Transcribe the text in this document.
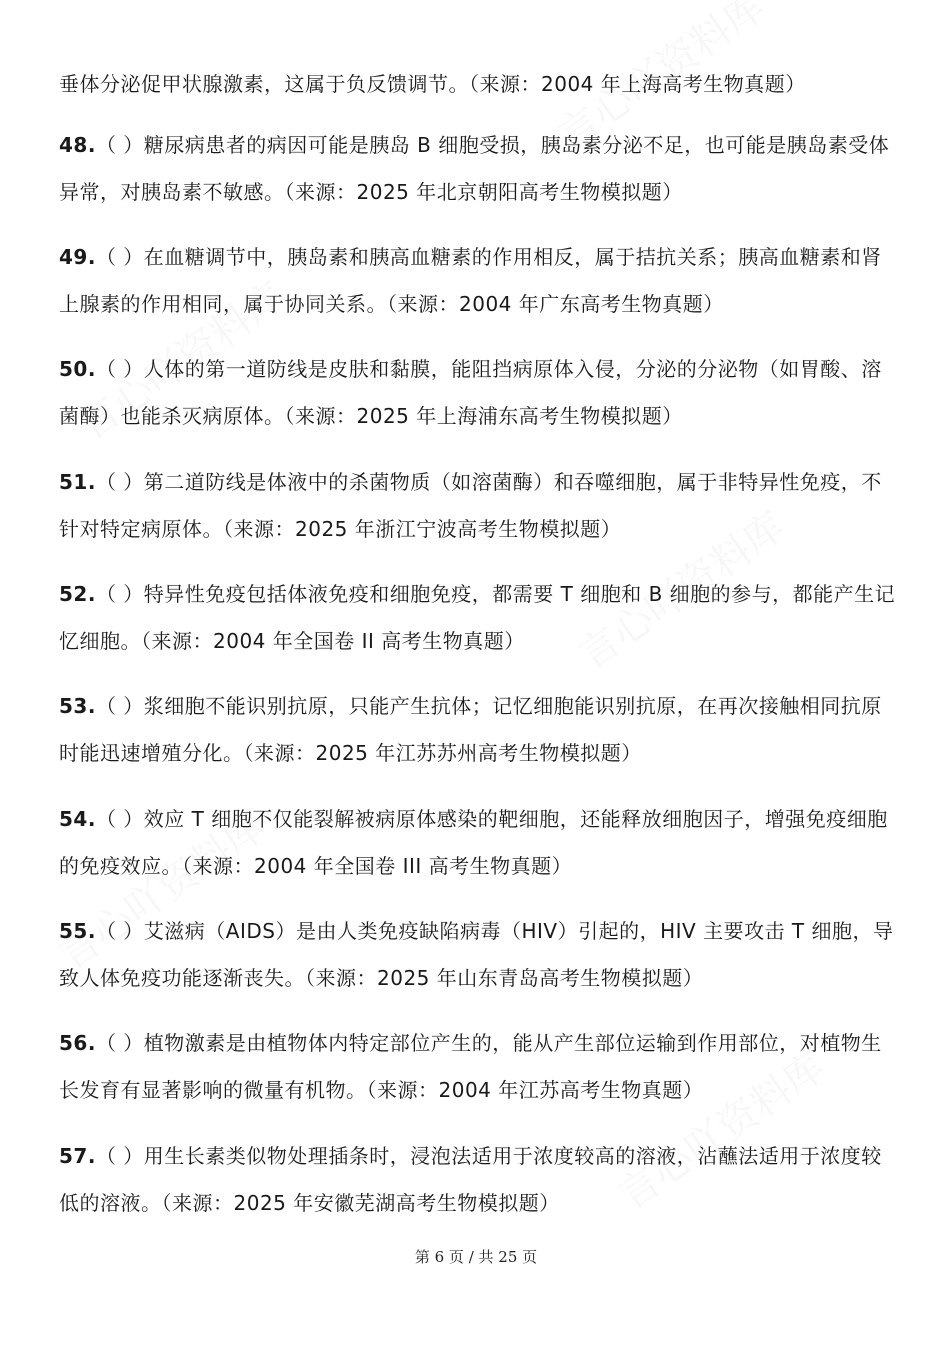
垂体分泌促甲状腺激素，这属于负反馈调节。（来源：2004 年上海高考生物真题）
48.（ ）糖尿病患者的病因可能是胰岛 B 细胞受损，胰岛素分泌不足，也可能是胰岛素受体异常，对胰岛素不敏感。（来源：2025 年北京朝阳高考生物模拟题）
49.（ ）在血糖调节中，胰岛素和胰高血糖素的作用相反，属于拮抗关系；胰高血糖素和肾上腺素的作用相同，属于协同关系。（来源：2004 年广东高考生物真题）
50.（ ）人体的第一道防线是皮肤和黏膜，能阻挡病原体入侵，分泌的分泌物（如胃酸、溶菌酶）也能杀灭病原体。（来源：2025 年上海浦东高考生物模拟题）
51.（ ）第二道防线是体液中的杀菌物质（如溶菌酶）和吞噬细胞，属于非特异性免疫，不针对特定病原体。（来源：2025 年浙江宁波高考生物模拟题）
52.（ ）特异性免疫包括体液免疫和细胞免疫，都需要 T 细胞和 B 细胞的参与，都能产生记忆细胞。（来源：2004 年全国卷 II 高考生物真题）
53.（ ）浆细胞不能识别抗原，只能产生抗体；记忆细胞能识别抗原，在再次接触相同抗原时能迅速增殖分化。（来源：2025 年江苏苏州高考生物模拟题）
54.（ ）效应 T 细胞不仅能裂解被病原体感染的靶细胞，还能释放细胞因子，增强免疫细胞的免疫效应。（来源：2004 年全国卷 III 高考生物真题）
55.（ ）艾滋病（AIDS）是由人类免疫缺陷病毒（HIV）引起的，HIV 主要攻击 T 细胞，导致人体免疫功能逐渐丧失。（来源：2025 年山东青岛高考生物模拟题）
56.（ ）植物激素是由植物体内特定部位产生的，能从产生部位运输到作用部位，对植物生长发育有显著影响的微量有机物。（来源：2004 年江苏高考生物真题）
57.（ ）用生长素类似物处理插条时，浸泡法适用于浓度较高的溶液，沾蘸法适用于浓度较低的溶液。（来源：2025 年安徽芜湖高考生物模拟题）
第 6 页 / 共 25 页
